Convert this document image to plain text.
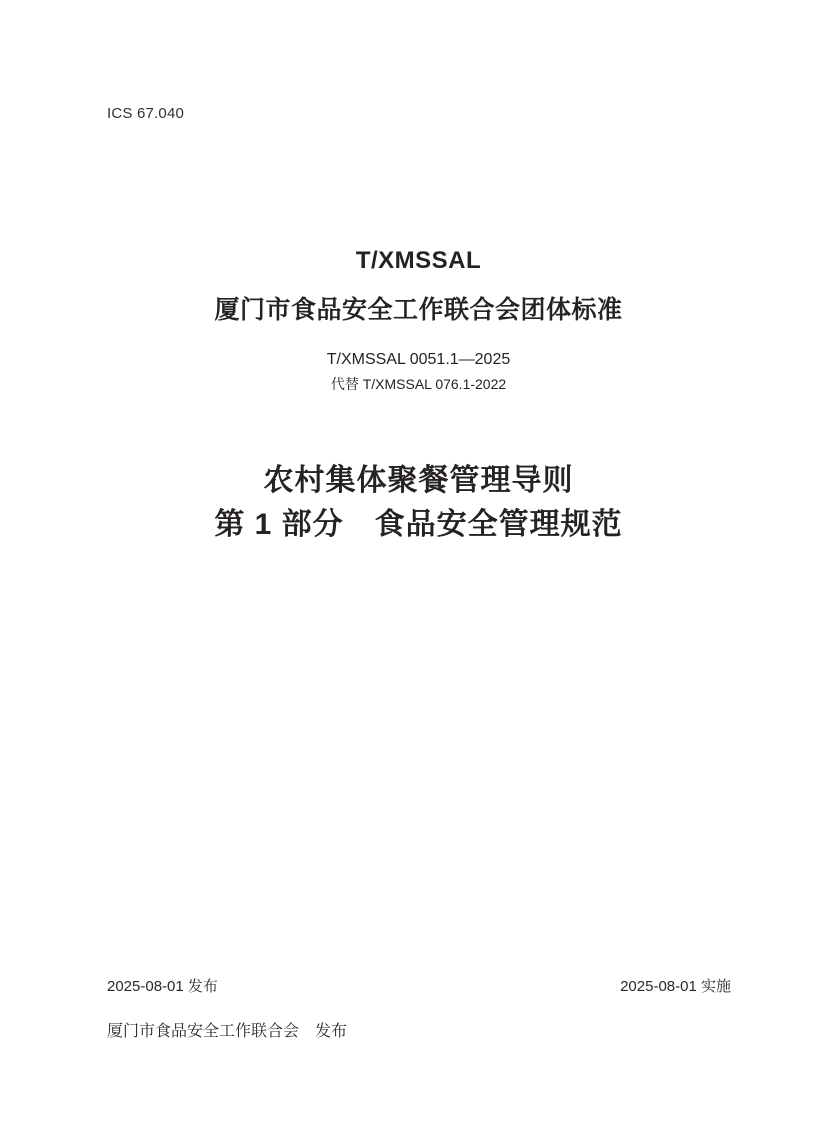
ICS 67.040
T/XMSSAL
厦门市食品安全工作联合会团体标准
T/XMSSAL 0051.1—2025
代替 T/XMSSAL 076.1-2022
农村集体聚餐管理导则
第 1 部分　食品安全管理规范
2025-08-01 发布	2025-08-01 实施
厦门市食品安全工作联合会　发布
